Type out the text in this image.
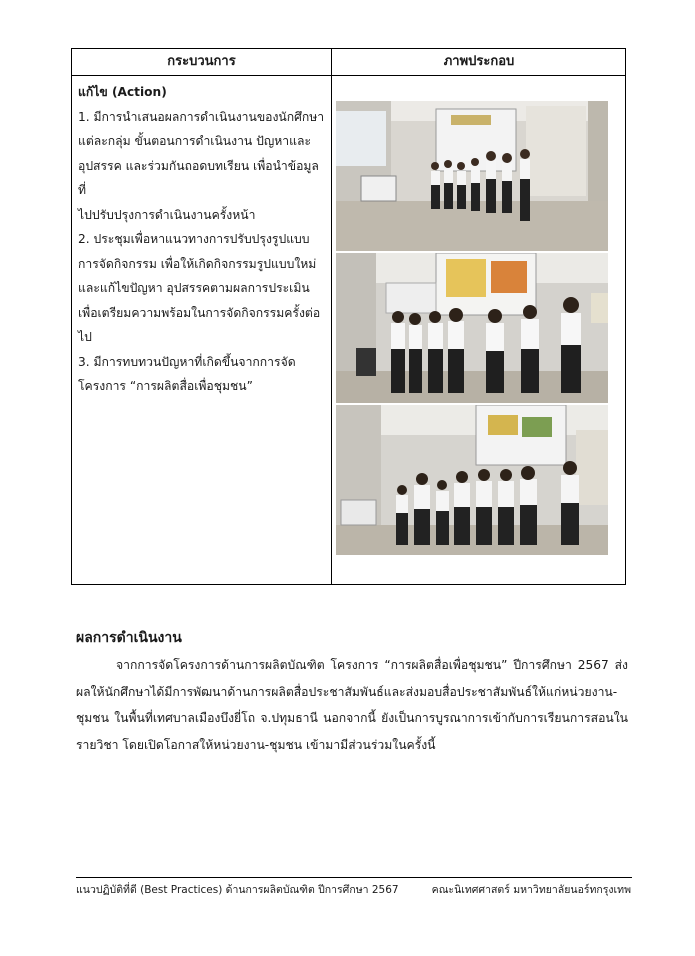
กระบวนการ	ภาพประกอบ

แก้ไข (Action)

1. มีการนำเสนอผลการดำเนินงานของนักศึกษา

แต่ละกลุ่ม ขั้นตอนการดำเนินงาน ปัญหาและ

อุปสรรค และร่วมกันถอดบทเรียน เพื่อนำข้อมูลที่

ไปปรับปรุงการดำเนินงานครั้งหน้า

2. ประชุมเพื่อหาแนวทางการปรับปรุงรูปแบบ

การจัดกิจกรรม เพื่อให้เกิดกิจกรรมรูปแบบใหม่

และแก้ไขปัญหา อุปสรรคตามผลการประเมิน

เพื่อเตรียมความพร้อมในการจัดกิจกรรมครั้งต่อไป

3. มีการทบทวนปัญหาที่เกิดขึ้นจากการจัด

โครงการ “การผลิตสื่อเพื่อชุมชน”

ผลการดำเนินงาน
จากการจัดโครงการด้านการผลิตบัณฑิต โครงการ “การผลิตสื่อเพื่อชุมชน” ปีการศึกษา 2567 ส่งผลให้นักศึกษาได้มีการพัฒนาด้านการผลิตสื่อประชาสัมพันธ์และส่งมอบสื่อประชาสัมพันธ์ให้แก่หน่วยงาน-ชุมชน ในพื้นที่เทศบาลเมืองบึงยี่โถ จ.ปทุมธานี นอกจากนี้ ยังเป็นการบูรณาการเข้ากับการเรียนการสอนในรายวิชา โดยเปิดโอกาสให้หน่วยงาน-ชุมชน เข้ามามีส่วนร่วมในครั้งนี้
แนวปฏิบัติที่ดี (Best Practices) ด้านการผลิตบัณฑิต ปีการศึกษา 2567	คณะนิเทศศาสตร์ มหาวิทยาลัยนอร์ทกรุงเทพ
